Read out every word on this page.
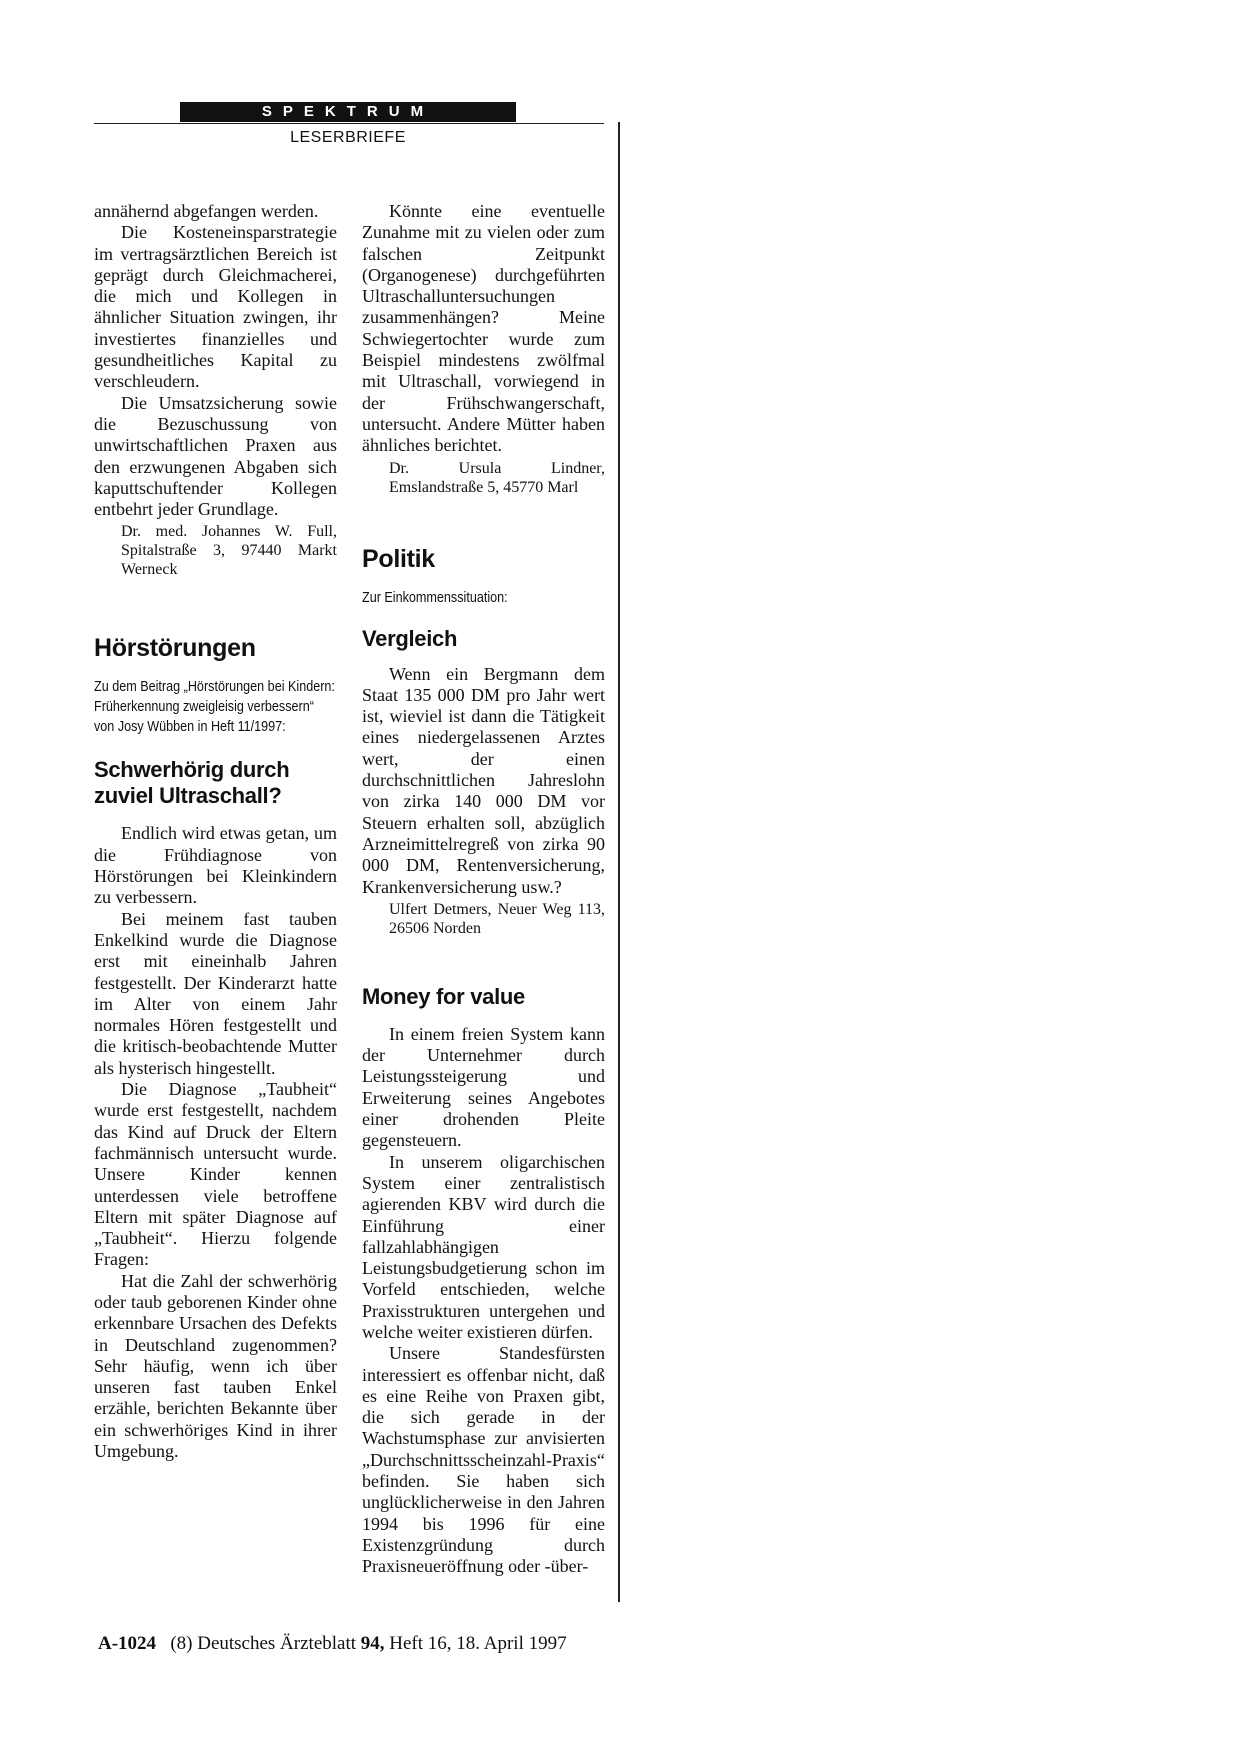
SPEKTRUM
LESERBRIEFE

annähernd abgefangen werden.

Die Kosteneinsparstrategie im vertragsärztlichen Bereich ist geprägt durch Gleichmacherei, die mich und Kollegen in ähnlicher Situation zwingen, ihr investiertes finanzielles und gesundheitliches Kapital zu verschleudern.

Die Umsatzsicherung sowie die Bezuschussung von unwirtschaftlichen Praxen aus den erzwungenen Abgaben sich kaputtschuftender Kollegen entbehrt jeder Grundlage.

Dr. med. Johannes W. Full, Spitalstraße 3, 97440 Markt Werneck

Hörstörungen

Zu dem Beitrag „Hörstörungen bei Kindern: Früherkennung zweigleisig verbessern“ von Josy Wübben in Heft 11/1997:

Schwerhörig durch zuviel Ultraschall?

Endlich wird etwas getan, um die Frühdiagnose von Hörstörungen bei Kleinkindern zu verbessern.

Bei meinem fast tauben Enkelkind wurde die Diagnose erst mit eineinhalb Jahren festgestellt. Der Kinderarzt hatte im Alter von einem Jahr normales Hören festgestellt und die kritisch-beobachtende Mutter als hysterisch hingestellt.

Die Diagnose „Taubheit“ wurde erst festgestellt, nachdem das Kind auf Druck der Eltern fachmännisch untersucht wurde. Unsere Kinder kennen unterdessen viele betroffene Eltern mit später Diagnose auf „Taubheit“. Hierzu folgende Fragen:

Hat die Zahl der schwerhörig oder taub geborenen Kinder ohne erkennbare Ursachen des Defekts in Deutschland zugenommen? Sehr häufig, wenn ich über unseren fast tauben Enkel erzähle, berichten Bekannte über ein schwerhöriges Kind in ihrer Umgebung.

Könnte eine eventuelle Zunahme mit zu vielen oder zum falschen Zeitpunkt (Organogenese) durchgeführten Ultraschalluntersuchungen zusammenhängen? Meine Schwiegertochter wurde zum Beispiel mindestens zwölfmal mit Ultraschall, vorwiegend in der Frühschwangerschaft, untersucht. Andere Mütter haben ähnliches berichtet.

Dr. Ursula Lindner, Emslandstraße 5, 45770 Marl

Politik

Zur Einkommenssituation:

Vergleich

Wenn ein Bergmann dem Staat 135 000 DM pro Jahr wert ist, wieviel ist dann die Tätigkeit eines niedergelassenen Arztes wert, der einen durchschnittlichen Jahreslohn von zirka 140 000 DM vor Steuern erhalten soll, abzüglich Arzneimittelregreß von zirka 90 000 DM, Rentenversicherung, Krankenversicherung usw.?

Ulfert Detmers, Neuer Weg 113, 26506 Norden

Money for value

In einem freien System kann der Unternehmer durch Leistungssteigerung und Erweiterung seines Angebotes einer drohenden Pleite gegensteuern.

In unserem oligarchischen System einer zentralistisch agierenden KBV wird durch die Einführung einer fallzahlabhängigen Leistungsbudgetierung schon im Vorfeld entschieden, welche Praxisstrukturen untergehen und welche weiter existieren dürfen.

Unsere Standesfürsten interessiert es offenbar nicht, daß es eine Reihe von Praxen gibt, die sich gerade in der Wachstumsphase zur anvisierten „Durchschnittsscheinzahl-Praxis“ befinden. Sie haben sich unglücklicherweise in den Jahren 1994 bis 1996 für eine Existenzgründung durch Praxisneueröffnung oder -über-

A-1024 (8) Deutsches Ärzteblatt 94, Heft 16, 18. April 1997
